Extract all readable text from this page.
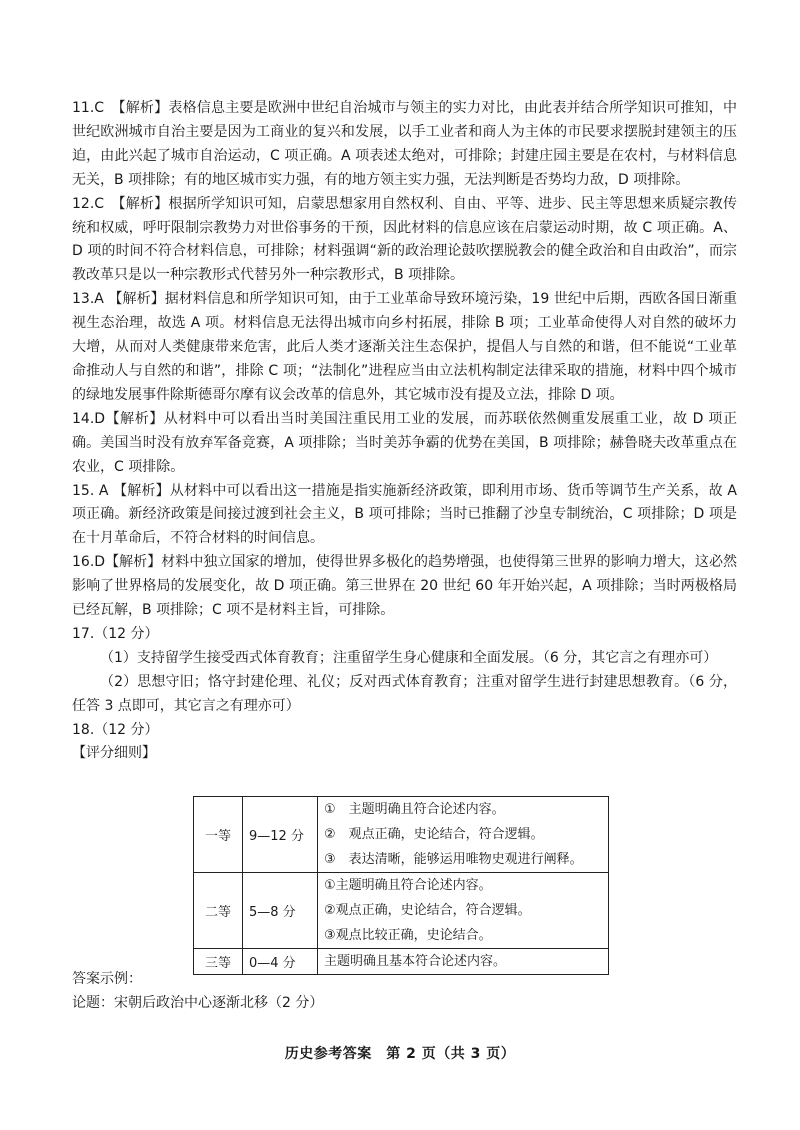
11.C　【解析】表格信息主要是欧洲中世纪自治城市与领主的实力对比，由此表并结合所学知识可推知，中世纪欧洲城市自治主要是因为工商业的复兴和发展，以手工业者和商人为主体的市民要求摆脱封建领主的压迫，由此兴起了城市自治运动，C 项正确。A 项表述太绝对，可排除；封建庄园主要是在农村，与材料信息无关，B 项排除；有的地区城市实力强，有的地方领主实力强，无法判断是否势均力敌，D 项排除。

12.C　【解析】根据所学知识可知，启蒙思想家用自然权利、自由、平等、进步、民主等思想来质疑宗教传统和权威，呼吁限制宗教势力对世俗事务的干预，因此材料的信息应该在启蒙运动时期，故 C 项正确。A、D 项的时间不符合材料信息，可排除；材料强调“新的政治理论鼓吹摆脱教会的健全政治和自由政治”，而宗教改革只是以一种宗教形式代替另外一种宗教形式，B 项排除。

13.A 【解析】据材料信息和所学知识可知，由于工业革命导致环境污染，19 世纪中后期，西欧各国日渐重视生态治理，故选 A 项。材料信息无法得出城市向乡村拓展，排除 B 项；工业革命使得人对自然的破坏力大增，从而对人类健康带来危害，此后人类才逐渐关注生态保护，提倡人与自然的和谐，但不能说“工业革命推动人与自然的和谐”，排除 C 项；“法制化”进程应当由立法机构制定法律采取的措施，材料中四个城市的绿地发展事件除斯德哥尔摩有议会改革的信息外，其它城市没有提及立法，排除 D 项。

14.D【解析】从材料中可以看出当时美国注重民用工业的发展，而苏联依然侧重发展重工业，故 D 项正确。美国当时没有放弃军备竞赛，A 项排除；当时美苏争霸的优势在美国，B 项排除；赫鲁晓夫改革重点在农业，C 项排除。

15. A 【解析】从材料中可以看出这一措施是指实施新经济政策，即利用市场、货币等调节生产关系，故 A 项正确。新经济政策是间接过渡到社会主义，B 项可排除；当时已推翻了沙皇专制统治，C 项排除；D 项是在十月革命后，不符合材料的时间信息。

16.D【解析】材料中独立国家的增加，使得世界多极化的趋势增强，也使得第三世界的影响力增大，这必然影响了世界格局的发展变化，故 D 项正确。第三世界在 20 世纪 60 年开始兴起，A 项排除；当时两极格局已经瓦解，B 项排除；C 项不是材料主旨，可排除。

17.（12 分）

（1）支持留学生接受西式体育教育；注重留学生身心健康和全面发展。（6 分，其它言之有理亦可）

（2）思想守旧；恪守封建伦理、礼仪；反对西式体育教育；注重对留学生进行封建思想教育。（6 分，任答 3 点即可，其它言之有理亦可）

18.（12 分）

【评分细则】

一等	9—12 分	①　主题明确且符合论述内容。
②　观点正确，史论结合，符合逻辑。
③　表达清晰，能够运用唯物史观进行阐释。

二等	5—8 分	①主题明确且符合论述内容。
②观点正确，史论结合，符合逻辑。
③观点比较正确，史论结合。

三等	0—4 分	主题明确且基本符合论述内容。

答案示例：

论题：宋朝后政治中心逐渐北移（2 分）

历史参考答案　第 2 页（共 3 页）
